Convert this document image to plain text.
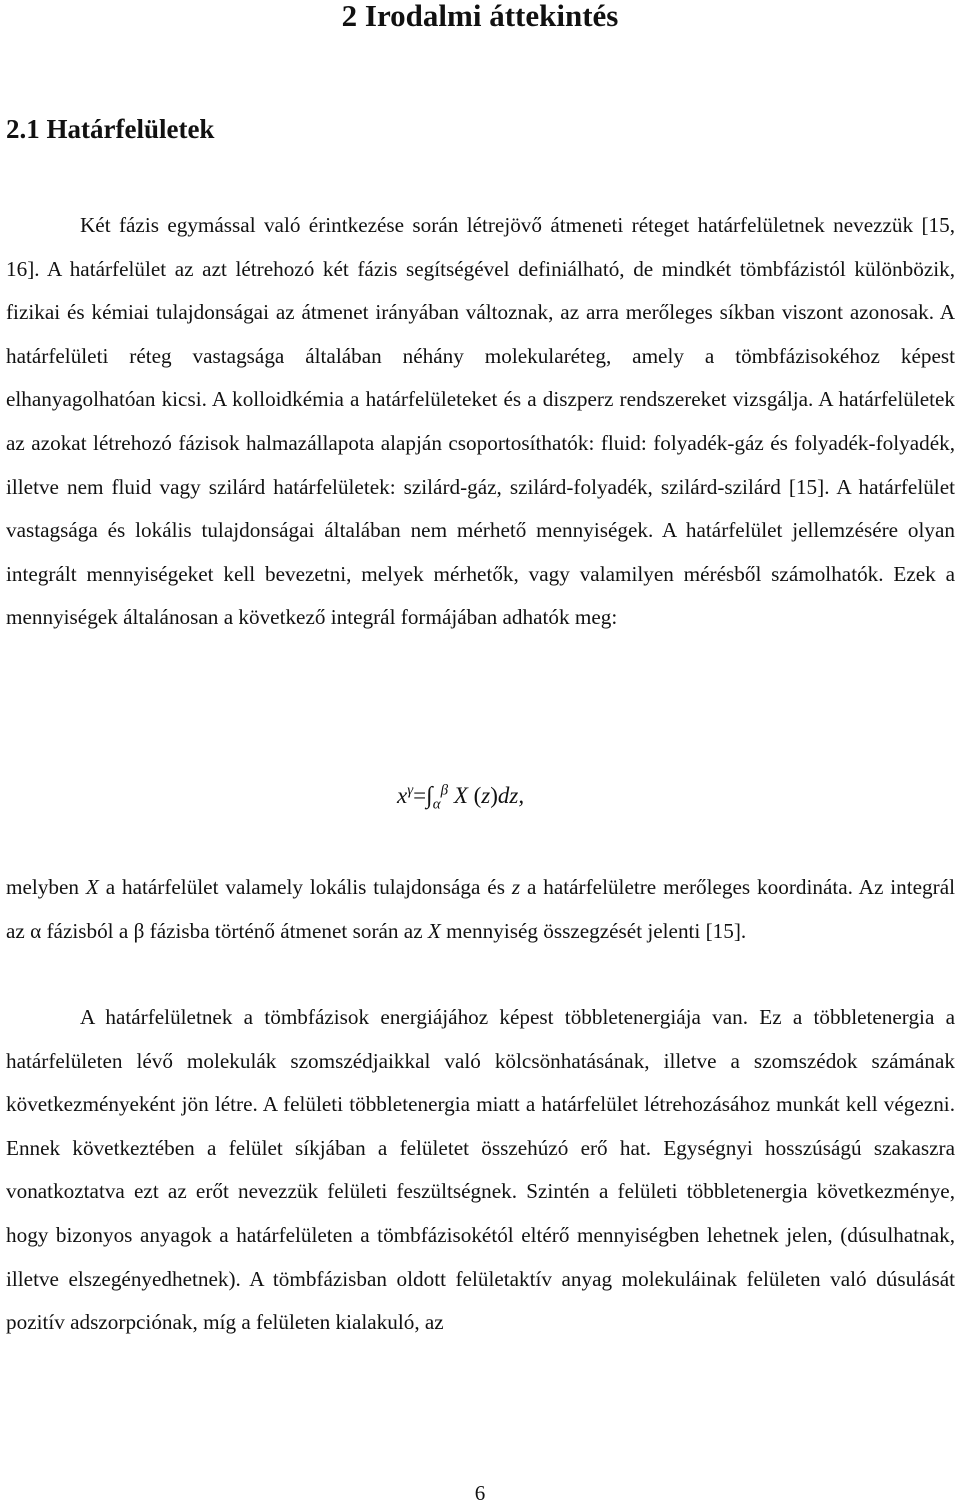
2 Irodalmi áttekintés
2.1 Határfelületek

Két fázis egymással való érintkezése során létrejövő átmeneti réteget határfelületnek nevezzük [15, 16]. A határfelület az azt létrehozó két fázis segítségével definiálható, de mindkét tömbfázistól különbözik, fizikai és kémiai tulajdonságai az átmenet irányában változnak, az arra merőleges síkban viszont azonosak. A határfelületi réteg vastagsága általában néhány molekularéteg, amely a tömbfázisokéhoz képest elhanyagolhatóan kicsi. A kolloidkémia a határfelületeket és a diszperz rendszereket vizsgálja. A határfelületek az azokat létrehozó fázisok halmazállapota alapján csoportosíthatók: fluid: folyadék-gáz és folyadék-folyadék, illetve nem fluid vagy szilárd határfelületek: szilárd-gáz, szilárd-folyadék, szilárd-szilárd [15]. A határfelület vastagsága és lokális tulajdonságai általában nem mérhető mennyiségek. A határfelület jellemzésére olyan integrált mennyiségeket kell bevezetni, melyek mérhetők, vagy valamilyen mérésből számolhatók. Ezek a mennyiségek általánosan a következő integrál formájában adhatók meg:

$x^\gamma=\int_\alpha^\beta$ X (z)dz,

melyben X a határfelület valamely lokális tulajdonsága és z a határfelületre merőleges koordináta. Az integrál az α fázisból a β fázisba történő átmenet során az X mennyiség összegzését jelenti [15].

A határfelületnek a tömbfázisok energiájához képest többletenergiája van. Ez a többletenergia a határfelületen lévő molekulák szomszédjaikkal való kölcsönhatásának, illetve a szomszédok számának következményeként jön létre. A felületi többletenergia miatt a határfelület létrehozásához munkát kell végezni. Ennek következtében a felület síkjában a felületet összehúzó erő hat. Egységnyi hosszúságú szakaszra vonatkoztatva ezt az erőt nevezzük felületi feszültségnek. Szintén a felületi többletenergia következménye, hogy bizonyos anyagok a határfelületen a tömbfázisokétól eltérő mennyiségben lehetnek jelen, (dúsulhatnak, illetve elszegényedhetnek). A tömbfázisban oldott felületaktív anyag molekuláinak felületen való dúsulását pozitív adszorpciónak, míg a felületen kialakuló, az

6
